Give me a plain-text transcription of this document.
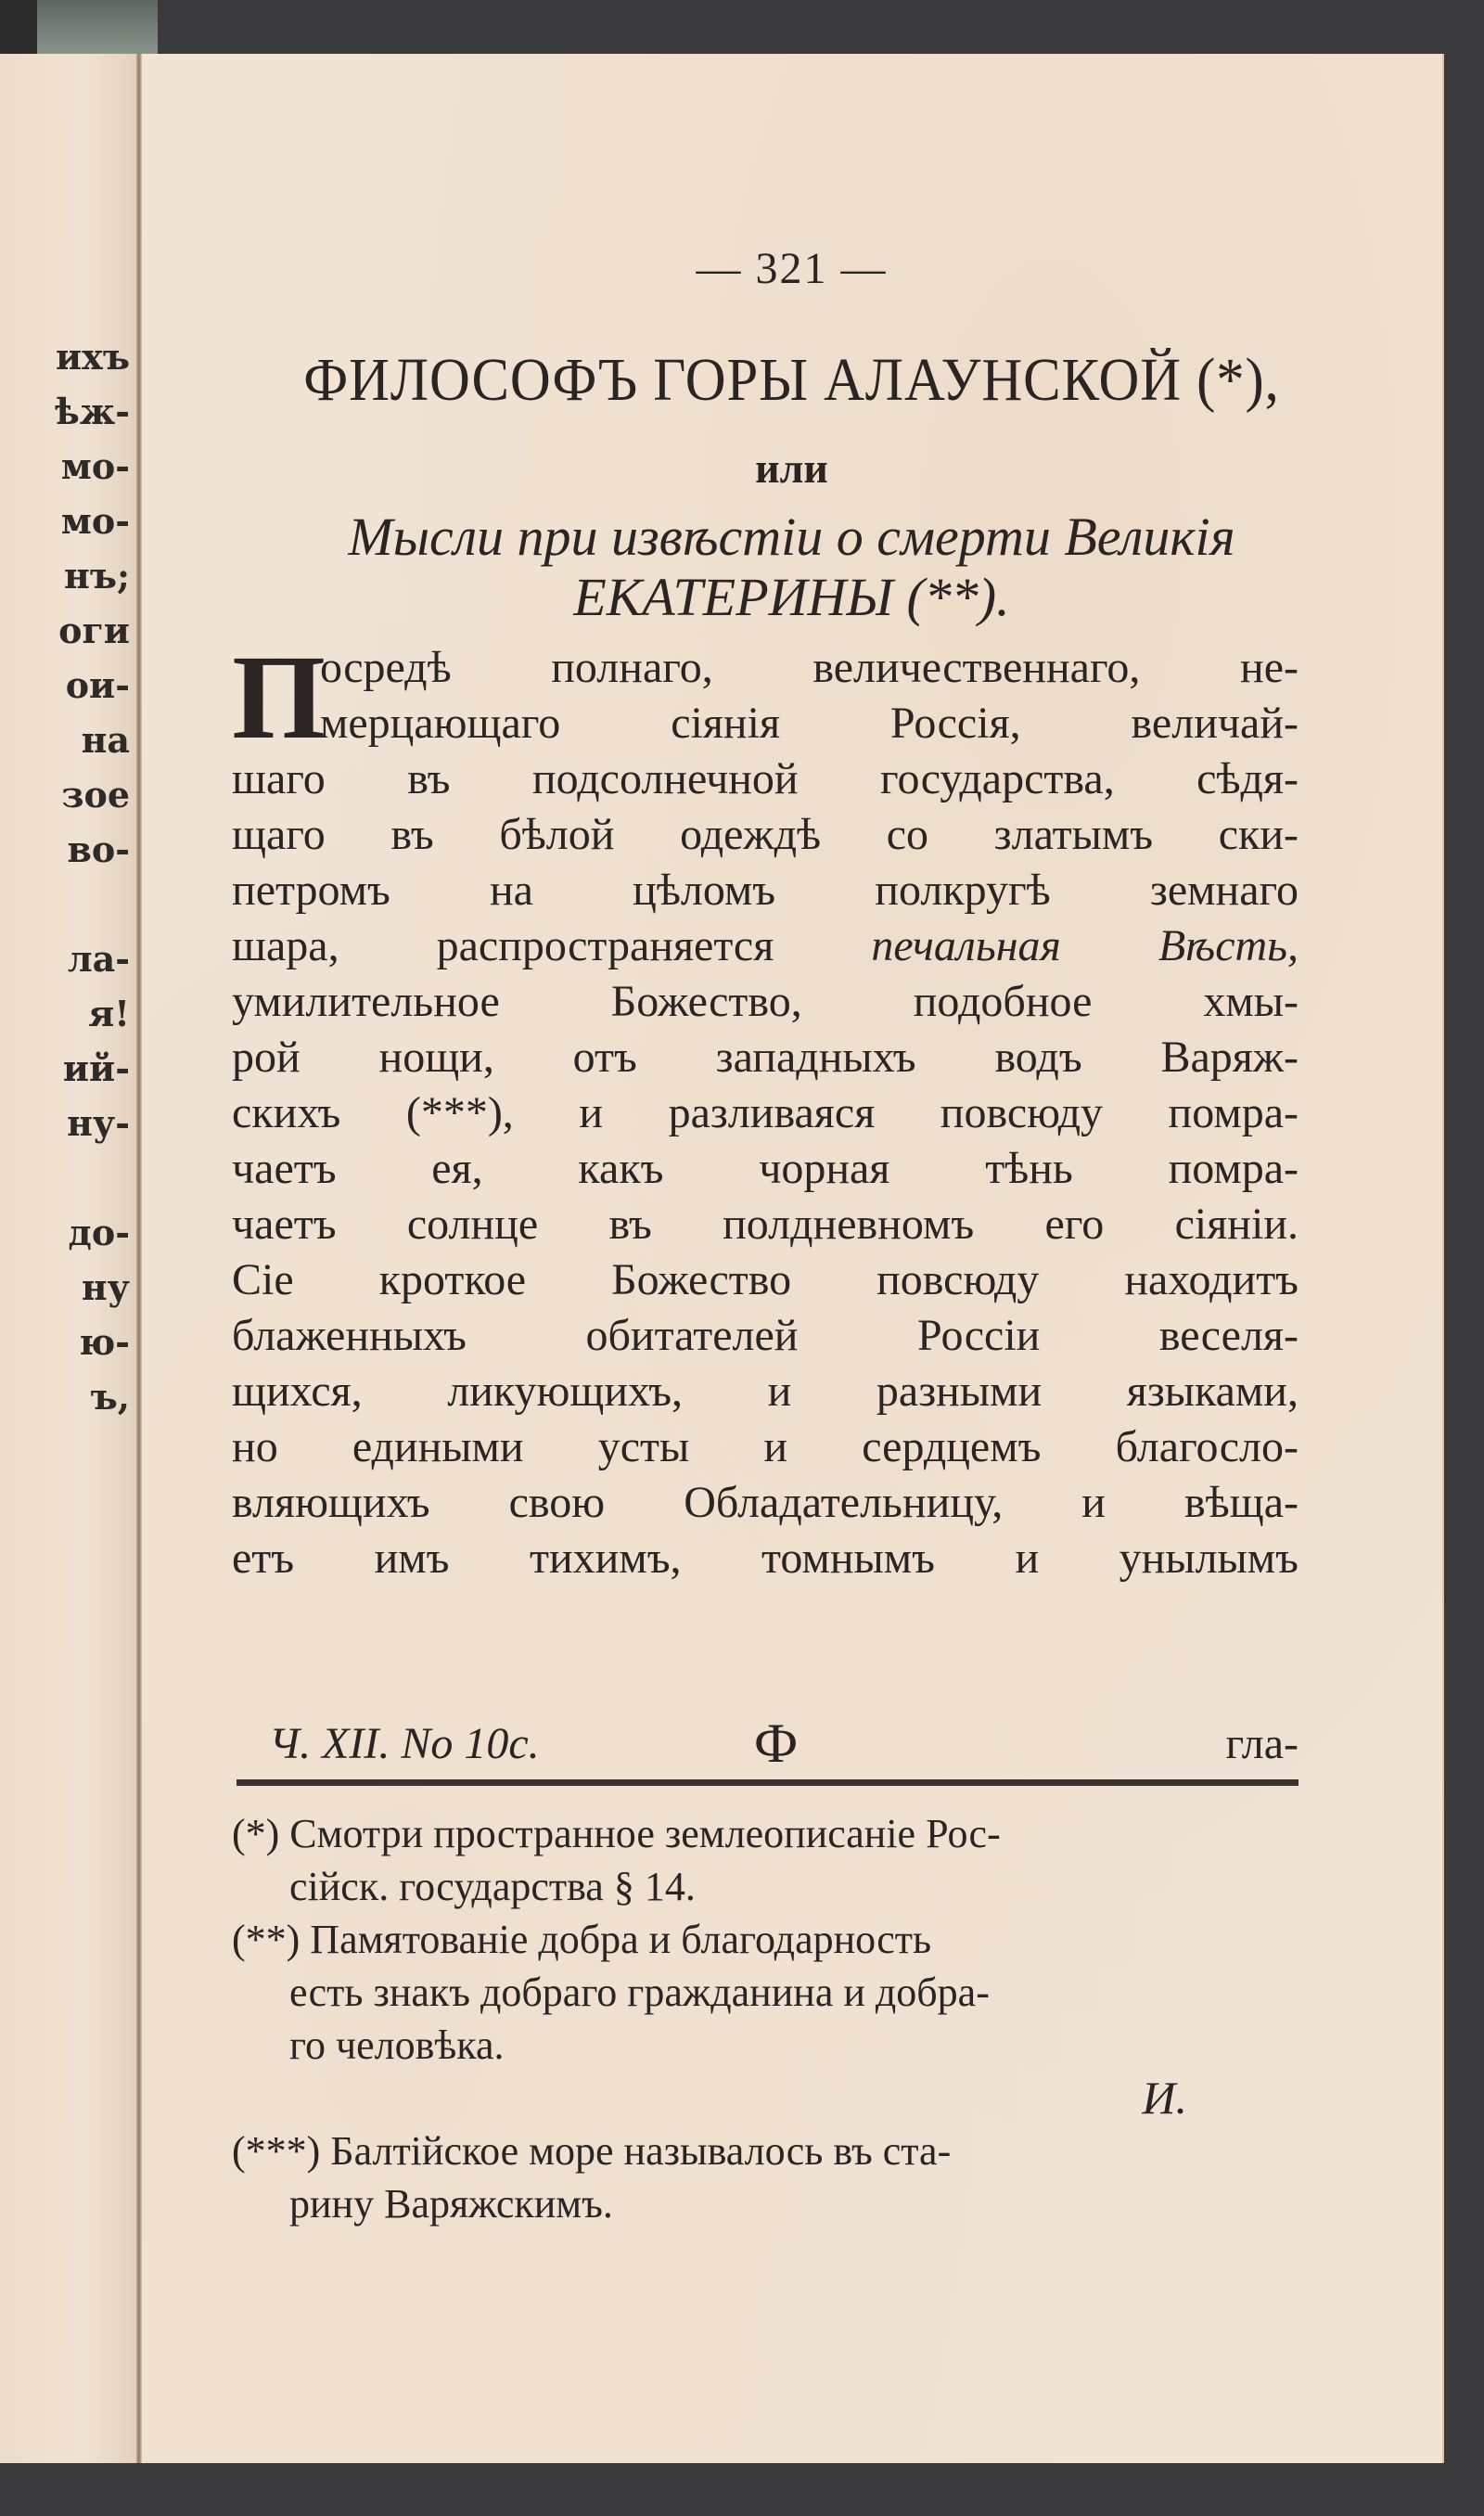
ихъ
ѣж-
мо-
мо-
нъ;
оги
ои-
на
зое
во-
ла-
я!
ий-
ну-
до-
ну
ю-
ъ,
— 321 —
ФИЛОСОФЪ ГОРЫ АЛАУНСКОЙ (*),
или
Мысли при извѣстіи о смерти Великія
ЕКАТЕРИНЫ (**).
П
осредѣ полнаго, величественнаго, не-
мерцающаго сіянія Россія, величай-
шаго въ подсолнечной государства, сѣдя-
щаго въ бѣлой одеждѣ со златымъ ски-
петромъ на цѣломъ полкругѣ земнаго
шара, распространяется печальная Вѣсть,
умилительное Божество, подобное хмы-
рой нощи, отъ западныхъ водъ Варяж-
скихъ (***), и разливаяся повсюду помра-
чаетъ ея, какъ чорная тѣнь помра-
чаетъ солнце въ полдневномъ его сіяніи.
Сіе кроткое Божество повсюду находитъ
блаженныхъ обитателей Россіи веселя-
щихся, ликующихъ, и разными языками,
но едиными усты и сердцемъ благосло-
вляющихъ свою Обладательницу, и вѣща-
етъ имъ тихимъ, томнымъ и унылымъ
Ч. XII. No 10c.	Ф	гла-
(*) Смотри пространное землеописаніе Рос-
сійск. государства § 14.
(**) Памятованіе добра и благодарность
есть знакъ добраго гражданина и добра-
го человѣка.
И.
(***) Балтійское море называлось въ ста-
рину Варяжскимъ.
